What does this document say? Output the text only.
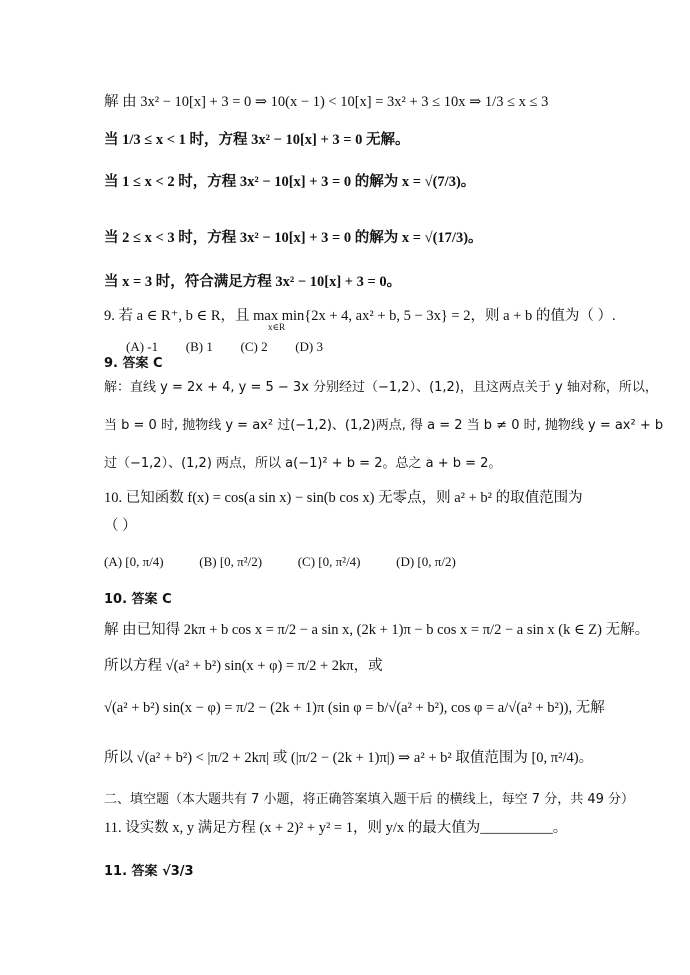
解 由 3x² − 10[x] + 3 = 0 ⇒ 10(x − 1) < 10[x] = 3x² + 3 ≤ 10x ⇒ 1/3 ≤ x ≤ 3
当 1/3 ≤ x < 1 时，方程 3x² − 10[x] + 3 = 0 无解。
当 1 ≤ x < 2 时，方程 3x² − 10[x] + 3 = 0 的解为 x = √(7/3)。
当 2 ≤ x < 3 时，方程 3x² − 10[x] + 3 = 0 的解为 x = √(17/3)。
当 x = 3 时，符合满足方程 3x² − 10[x] + 3 = 0。
9. 若 a ∈ R⁺, b ∈ R，且 max min{2x + 4, ax² + b, 5 − 3x} = 2，则 a + b 的值为（ ）.
x∈R
(A) -1 (B) 1 (C) 2 (D) 3
9. 答案 C
解：直线 y = 2x + 4, y = 5 − 3x 分别经过（−1,2）、(1,2)，且这两点关于 y 轴对称，所以，
当 b = 0 时, 抛物线 y = ax² 过(−1,2)、(1,2)两点, 得 a = 2 当 b ≠ 0 时, 抛物线 y = ax² + b
过（−1,2）、(1,2) 两点，所以 a(−1)² + b = 2。总之 a + b = 2。
10. 已知函数 f(x) = cos(a sin x) − sin(b cos x) 无零点，则 a² + b² 的取值范围为
（ ）
(A) [0, π/4)	(B) [0, π²/2)	(C) [0, π²/4)	(D) [0, π/2)
10. 答案 C
解 由已知得 2kπ + b cos x = π/2 − a sin x, (2k + 1)π − b cos x = π/2 − a sin x (k ∈ Z) 无解。
所以方程 √(a² + b²) sin(x + φ) = π/2 + 2kπ，或
√(a² + b²) sin(x − φ) = π/2 − (2k + 1)π (sin φ = b/√(a² + b²), cos φ = a/√(a² + b²)), 无解
所以 √(a² + b²) < |π/2 + 2kπ| 或 (|π/2 − (2k + 1)π|) ⇒ a² + b² 取值范围为 [0, π²/4)。
二、填空题（本大题共有 7 小题，将正确答案填入题干后 的横线上，每空 7 分，共 49 分）
11. 设实数 x, y 满足方程 (x + 2)² + y² = 1，则 y/x 的最大值为__________。
11. 答案 √3/3
